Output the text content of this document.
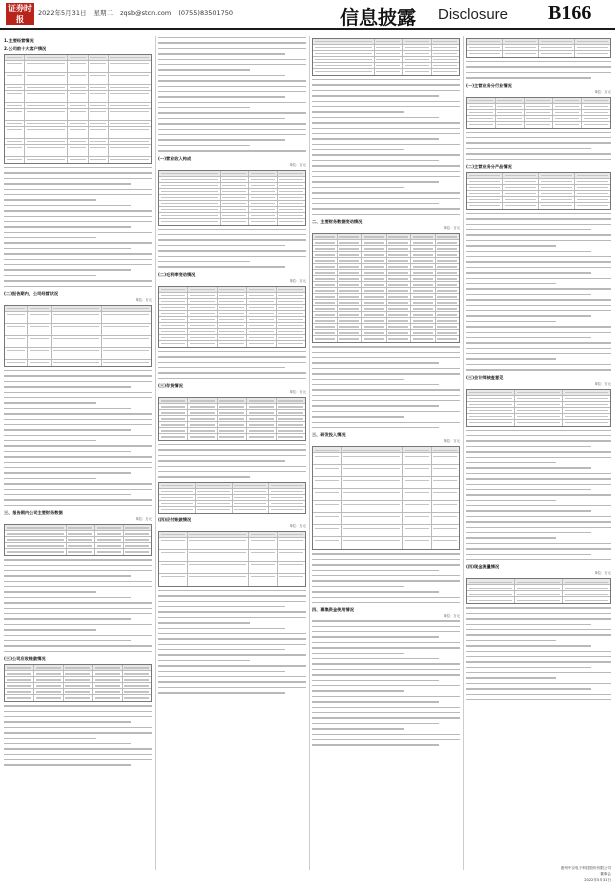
证券时报
2022年5月31日 星期二 zqsb@stcn.com (0755)83501750	信息披露 Disclosure B166
1.主要经营情况
2.公司前十大客户情况
(二)报告期内，公司经营状况
单位：万元
三、报告期内公司主要财务数据
单位：万元
(三)公司应收账款情况
(一)营业收入构成
单位：万元
(二)毛利率变动情况
单位：万元
(三)存货情况
单位：万元
(四)应付账款情况
单位：万元
二、主要财务数据变动情况
单位：万元
三、研发投入情况
单位：万元
四、募集资金使用情况
单位：万元
(一)主营业务分行业情况
单位：万元
(二)主营业务分产品情况
(三)会计师核查意见
单位：万元
(四)现金流量情况
单位：万元
惠州中京电子科技股份有限公司
董事会
2022年5月31日
